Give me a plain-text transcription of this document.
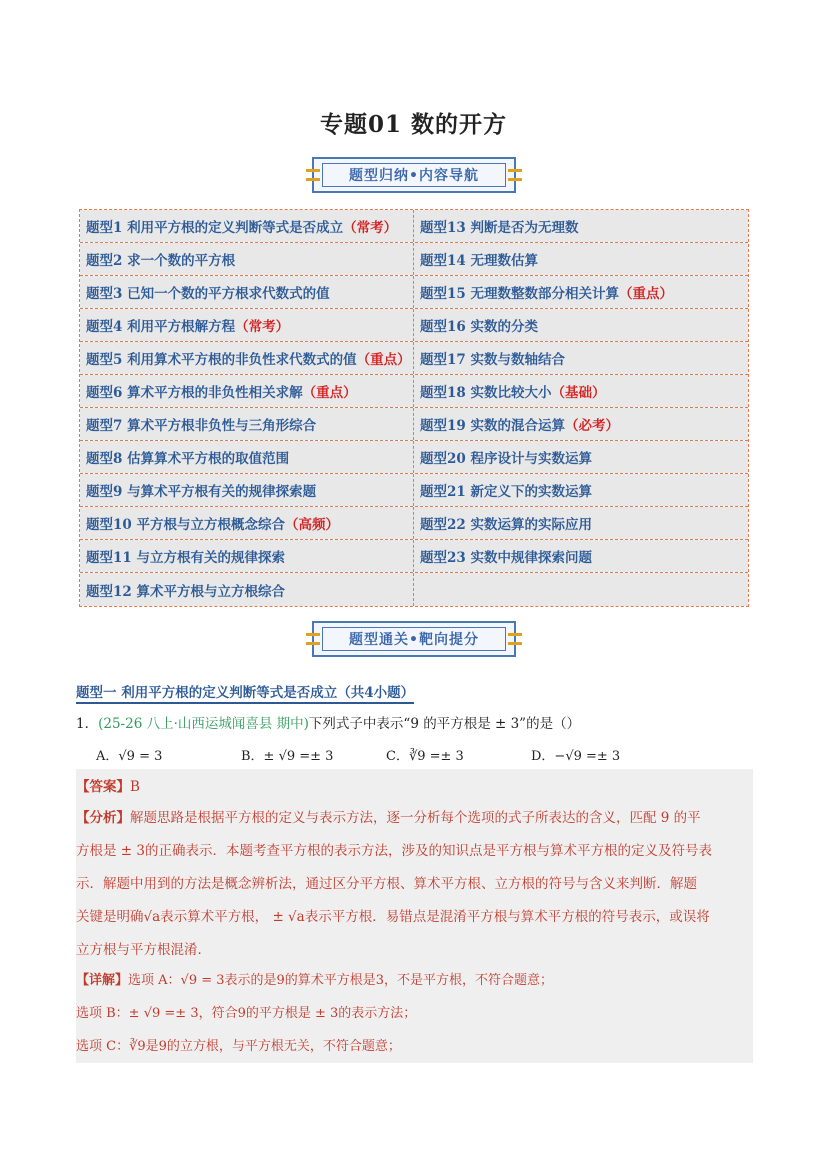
专题01 数的开方
题型归纳•内容导航
题型1 利用平方根的定义判断等式是否成立 （常考） 题型13 判断是否为无理数
题型2 求一个数的平方根	题型14 无理数估算
题型3 已知一个数的平方根求代数式的值	题型15 无理数整数部分相关计算 （重点）
题型4 利用平方根解方程 （常考）	题型16 实数的分类
题型5 利用算术平方根的非负性求代数式的值 （重点） 题型17 实数与数轴结合
题型6 算术平方根的非负性相关求解 （重点）	题型18 实数比较大小 （基础）
题型7 算术平方根非负性与三角形综合	题型19 实数的混合运算 （必考）
题型8 估算算术平方根的取值范围	题型20 程序设计与实数运算
题型9 与算术平方根有关的规律探索题	题型21 新定义下的实数运算
题型10 平方根与立方根概念综合 （高频）	题型22 实数运算的实际应用
题型11 与立方根有关的规律探索	题型23 实数中规律探索问题
题型12 算术平方根与立方根综合
题型通关•靶向提分
题型一 利用平方根的定义判断等式是否成立（共4小题）
1．(25-26 八上·山西运城闻喜县 期中)下列式子中表示“9 的平方根是 ± 3”的是（）
A．√9 = 3	B．± √9 =± 3	C．∛9 =± 3	D．−√9 =± 3
【答案】B
【分析】解题思路是根据平方根的定义与表示方法，逐一分析每个选项的式子所表达的含义，匹配 9 的平
方根是 ± 3的正确表示．本题考查平方根的表示方法，涉及的知识点是平方根与算术平方根的定义及符号表
示．解题中用到的方法是概念辨析法，通过区分平方根、算术平方根、立方根的符号与含义来判断．解题
关键是明确√a表示算术平方根， ± √a表示平方根．易错点是混淆平方根与算术平方根的符号表示，或误将
立方根与平方根混淆．
【详解】选项 A：√9 = 3表示的是9的算术平方根是3，不是平方根，不符合题意；
选项 B：± √9 =± 3，符合9的平方根是 ± 3的表示方法；
选项 C：∛9是9的立方根，与平方根无关，不符合题意；
